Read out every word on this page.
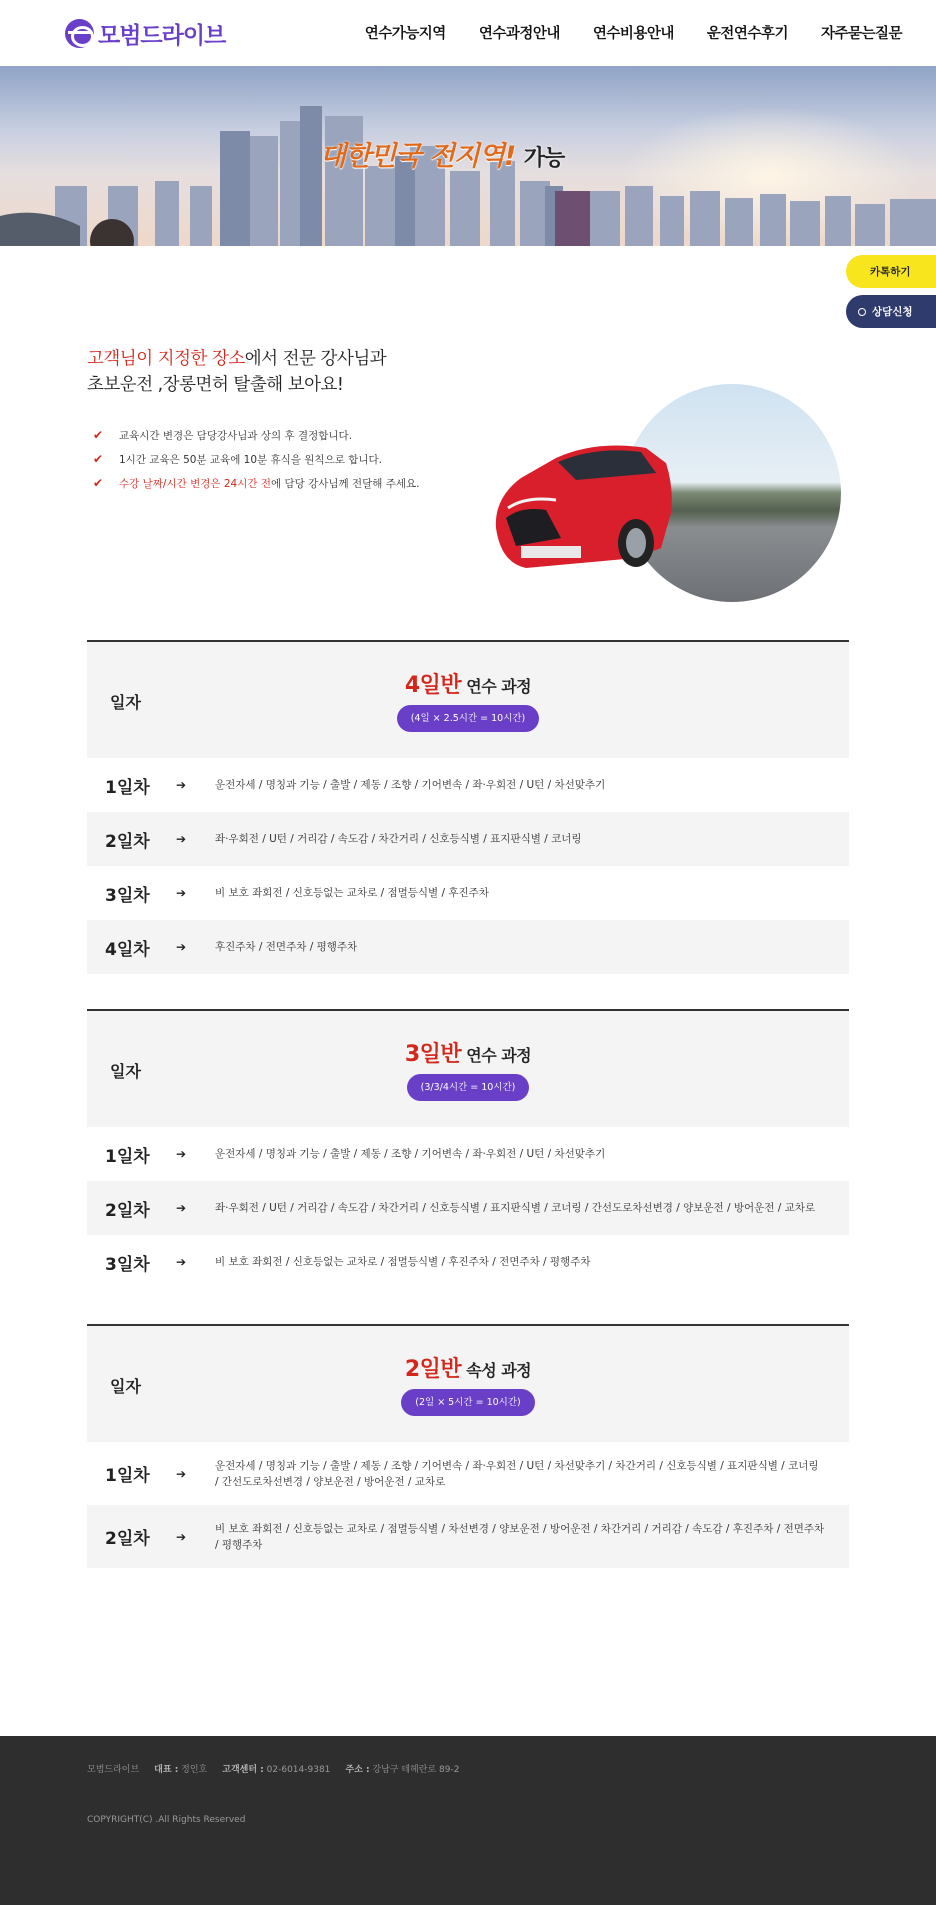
모범드라이브	연수가능지역 연수과정안내 연수비용안내 운전연수후기 자주묻는질문
대한민국 전지역! 가능
카톡하기
상담신청
고객님이 지정한 장소에서 전문 강사님과
초보운전 ,장롱면허 탈출해 보아요!
✔ 교육시간 변경은 담당강사님과 상의 후 결정합니다.
✔ 1시간 교육은 50분 교육에 10분 휴식을 원칙으로 합니다.
✔ 수강 날짜/시간 변경은 24시간 전 에 담당 강사님께 전달해 주세요.
일자
4일반 연수 과정
(4일 × 2.5시간 = 10시간)
1일차 ➔	운전자세 / 명칭과 기능 / 출발 / 제동 / 조향 / 기어변속 / 좌·우회전 / U턴 / 차선맞추기
2일차 ➔	좌·우회전 / U턴 / 거리감 / 속도감 / 차간거리 / 신호등식별 / 표지판식별 / 코너링
3일차 ➔	비 보호 좌회전 / 신호등없는 교차로 / 점멸등식별 / 후진주차
4일차 ➔	후진주차 / 전면주차 / 평행주차
일자
3일반 연수 과정
(3/3/4시간 = 10시간)
1일차 ➔	운전자세 / 명칭과 기능 / 출발 / 제동 / 조향 / 기어변속 / 좌·우회전 / U턴 / 차선맞추기
2일차 ➔	좌·우회전 / U턴 / 거리감 / 속도감 / 차간거리 / 신호등식별 / 표지판식별 / 코너링 / 간선도로차선변경 / 양보운전 / 방어운전 / 교차로
3일차 ➔	비 보호 좌회전 / 신호등없는 교차로 / 점멸등식별 / 후진주차 / 전면주차 / 평행주차
일자
2일반 속성 과정
(2일 × 5시간 = 10시간)
1일차 ➔
운전자세 / 명칭과 기능 / 출발 / 제동 / 조향 / 기어변속 / 좌·우회전 / U턴 / 차선맞추기 / 차간거리 / 신호등식별 / 표지판식별 / 코너링 / 간선도로차선변경 / 양보운전 / 방어운전 / 교차로
2일차 ➔
비 보호 좌회전 / 신호등없는 교차로 / 점멸등식별 / 차선변경 / 양보운전 / 방어운전 / 차간거리 / 거리감 / 속도감 / 후진주차 / 전면주차 / 평행주차
모범드라이브 대표 : 정인호 고객센터 : 02-6014-9381 주소 : 강남구 테헤란로 89-2
COPYRIGHT(C) .All Rights Reserved
